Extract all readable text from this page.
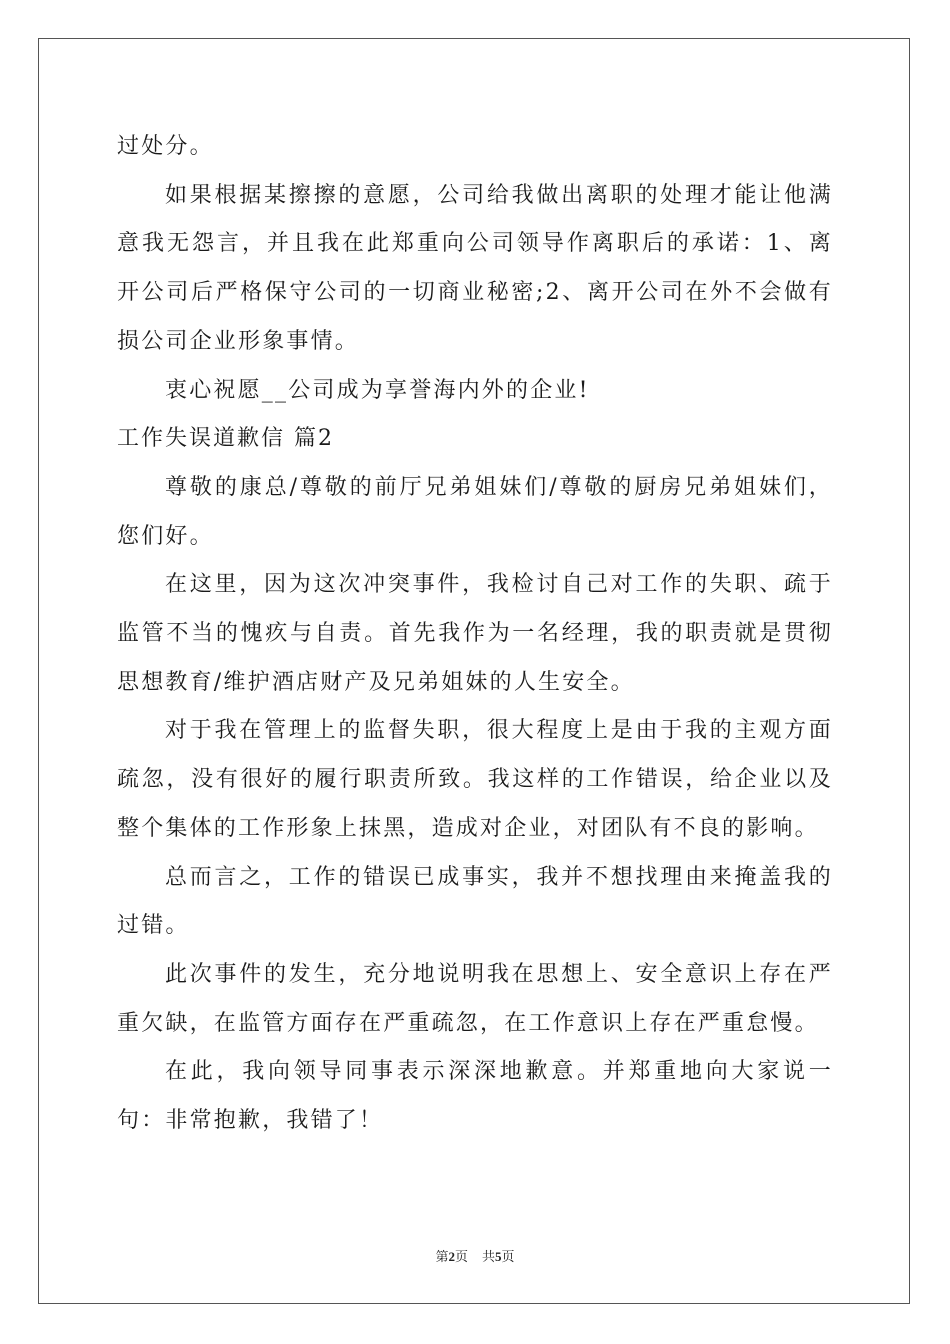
过处分。

如果根据某擦擦的意愿，公司给我做出离职的处理才能让他满意我无怨言，并且我在此郑重向公司领导作离职后的承诺：1、离开公司后严格保守公司的一切商业秘密;2、离开公司在外不会做有损公司企业形象事情。

衷心祝愿__公司成为享誉海内外的企业!

工作失误道歉信 篇2

尊敬的康总/尊敬的前厅兄弟姐妹们/尊敬的厨房兄弟姐妹们，您们好。

在这里，因为这次冲突事件，我检讨自己对工作的失职、疏于监管不当的愧疚与自责。首先我作为一名经理，我的职责就是贯彻思想教育/维护酒店财产及兄弟姐妹的人生安全。

对于我在管理上的监督失职，很大程度上是由于我的主观方面疏忽，没有很好的履行职责所致。我这样的工作错误，给企业以及整个集体的工作形象上抹黑，造成对企业，对团队有不良的影响。

总而言之，工作的错误已成事实，我并不想找理由来掩盖我的过错。

此次事件的发生，充分地说明我在思想上、安全意识上存在严重欠缺，在监管方面存在严重疏忽，在工作意识上存在严重怠慢。

在此，我向领导同事表示深深地歉意。并郑重地向大家说一句：非常抱歉，我错了！

第2页 共5页
